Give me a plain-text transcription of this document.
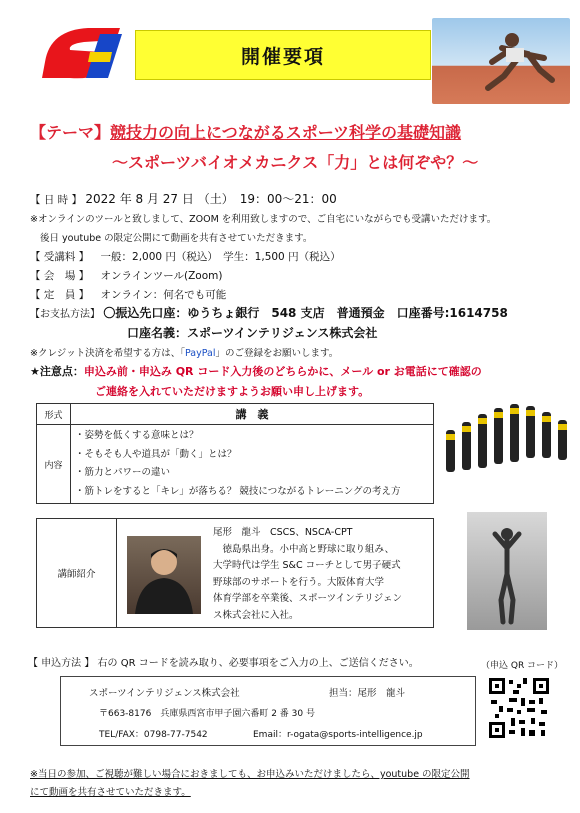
開催要項
【テーマ】競技力の向上につながるスポーツ科学の基礎知識
～スポーツバイオメカニクス「力」とは何ぞや？～
【 日 時 】 2022 年 8 月 27 日 （土）　19：00～21：00
※オンラインのツールと致しまして、ZOOM を利用致しますので、ご自宅にいながらでも受講いただけます。
後日 youtube の限定公開にて動画を共有させていただきます。
【 受講料 】 一般：2,000 円（税込）　学生：1,500 円（税込）
【 会　場 】 オンラインツール(Zoom)
【 定　員 】 オンライン：何名でも可能
【お支払方法】 〇振込先口座：ゆうちょ銀行　548 支店　普通預金　口座番号:1614758
口座名義：スポーツインテリジェンス株式会社
※クレジット決済を希望する方は、「PayPal」のご登録をお願いします。
★注意点：申込み前・申込み QR コード入力後のどちらかに、メール or お電話にて確認の
ご連絡を入れていただけますようお願い申し上げます。
形式	講　義
内容	・姿勢を低くする意味とは？
・そもそも人や道具が「動く」とは？
・筋力とパワーの違い
・筋トレをすると「キレ」が落ちる？ 競技につながるトレーニングの考え方
講師紹介
尾形　龍斗　CSCS、NSCA-CPT
　徳島県出身。小中高と野球に取り組み、
大学時代は学生 S&C コーチとして男子硬式
野球部のサポートを行う。大阪体育大学
体育学部を卒業後、スポーツインテリジェン
ス株式会社に入社。
【 申込方法 】 右の QR コードを読み取り、必要事項をご入力の上、ご送信ください。	（申込 QR コード）
スポーツインテリジェンス株式会社	担当：尾形　龍斗
〒663-8176　兵庫県西宮市甲子園六番町 2 番 30 号
TEL/FAX：0798-77-7542	Email：r-ogata@sports-intelligence.jp
※当日の参加、ご視聴が難しい場合におきましても、お申込みいただけましたら、youtube の限定公開
にて動画を共有させていただきます。
